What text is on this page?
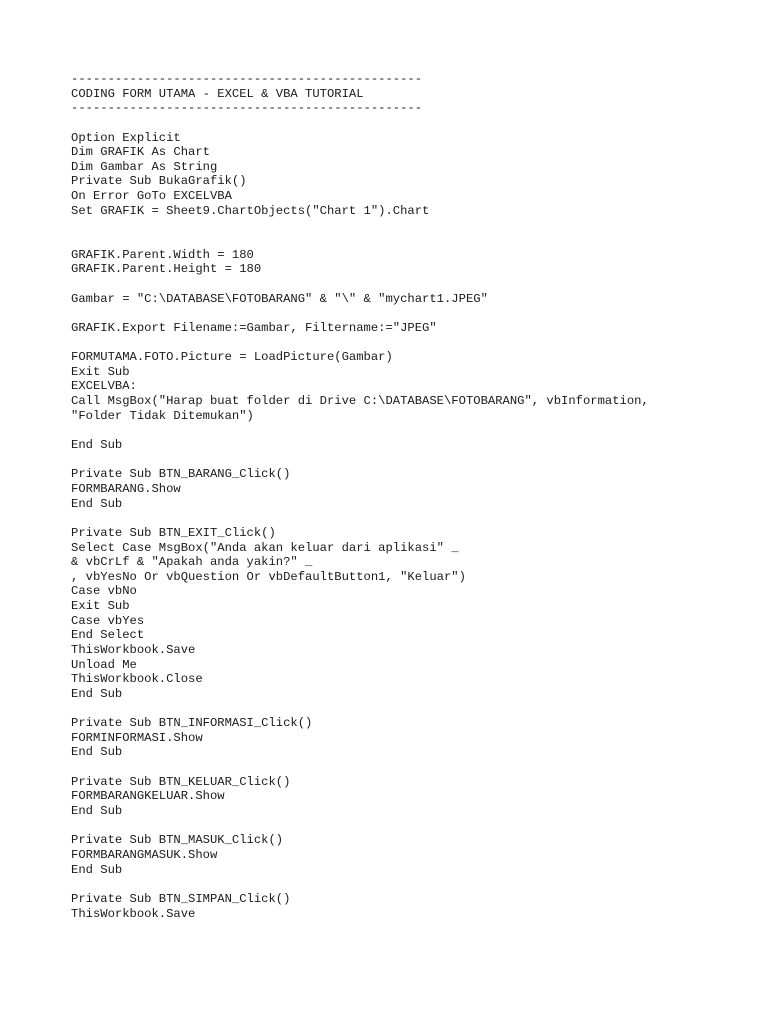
------------------------------------------------
CODING FORM UTAMA - EXCEL & VBA TUTORIAL
------------------------------------------------
Option Explicit
Dim GRAFIK As Chart
Dim Gambar As String
Private Sub BukaGrafik()
On Error GoTo EXCELVBA
Set GRAFIK = Sheet9.ChartObjects("Chart 1").Chart
GRAFIK.Parent.Width = 180
GRAFIK.Parent.Height = 180
Gambar = "C:\DATABASE\FOTOBARANG" & "\" & "mychart1.JPEG"
GRAFIK.Export Filename:=Gambar, Filtername:="JPEG"
FORMUTAMA.FOTO.Picture = LoadPicture(Gambar)
Exit Sub
EXCELVBA:
Call MsgBox("Harap buat folder di Drive C:\DATABASE\FOTOBARANG", vbInformation,
"Folder Tidak Ditemukan")
End Sub
Private Sub BTN_BARANG_Click()
FORMBARANG.Show
End Sub
Private Sub BTN_EXIT_Click()
Select Case MsgBox("Anda akan keluar dari aplikasi" _
& vbCrLf & "Apakah anda yakin?" _
, vbYesNo Or vbQuestion Or vbDefaultButton1, "Keluar")
Case vbNo
Exit Sub
Case vbYes
End Select
ThisWorkbook.Save
Unload Me
ThisWorkbook.Close
End Sub
Private Sub BTN_INFORMASI_Click()
FORMINFORMASI.Show
End Sub
Private Sub BTN_KELUAR_Click()
FORMBARANGKELUAR.Show
End Sub
Private Sub BTN_MASUK_Click()
FORMBARANGMASUK.Show
End Sub
Private Sub BTN_SIMPAN_Click()
ThisWorkbook.Save
